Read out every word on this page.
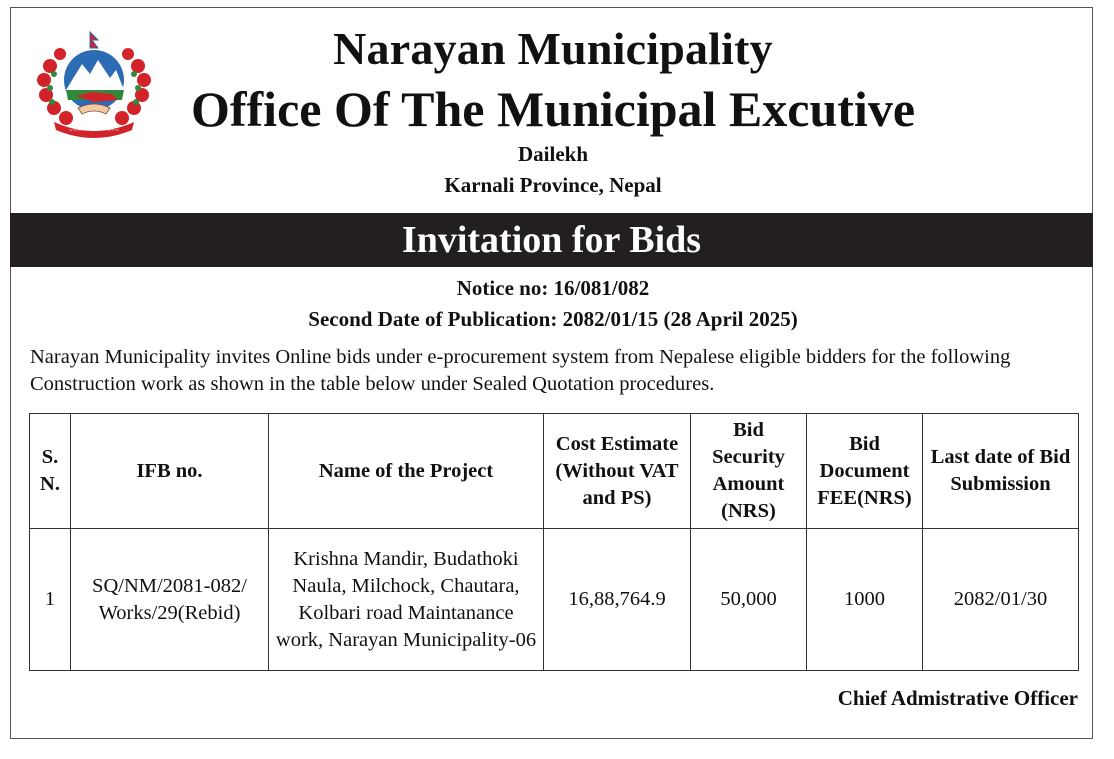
~~~~~~~~~~~~
Narayan Municipality
Office Of The Municipal Excutive
Dailekh
Karnali Province, Nepal
Invitation for Bids
Notice no: 16/081/082
Second Date of Publication: 2082/01/15 (28 April 2025)
Narayan Municipality invites Online bids under e-procurement system from Nepalese eligible bidders for the following Construction work as shown in the table below under Sealed Quotation procedures.
S. N.	IFB no.	Name of the Project	Cost Estimate (Without VAT and PS)	Bid Security Amount (NRS)	Bid Document FEE(NRS)	Last date of Bid Submission
1	SQ/NM/2081-082/ Works/29(Rebid)	Krishna Mandir, Budathoki Naula, Milchock, Chautara, Kolbari road Maintanance work, Narayan Municipality-06	16,88,764.9	50,000	1000	2082/01/30
Chief Admistrative Officer
